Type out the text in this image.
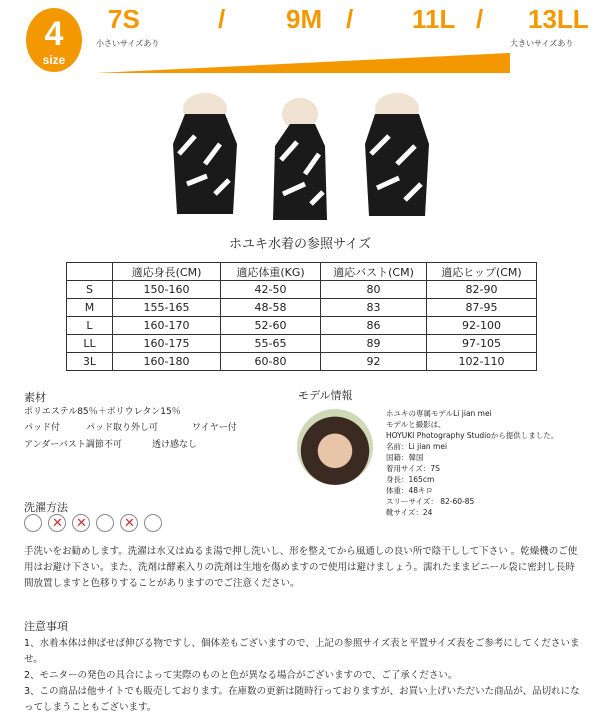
4
size
7S	/ 9M / 11L / 13LL
小さいサイズあり	大きいサイズあり
ホユキ水着の参照サイズ
	適応身長(CM)	適応体重(KG)	適応バスト(CM)	適応ヒップ(CM)
S	150-160	42-50	80	82-90
M	155-165	48-58	83	87-95
L	160-170	52-60	86	92-100
LL	160-175	55-65	89	97-105
3L	160-180	60-80	92	102-110
素材
ポリエステル85％＋ポリウレタン15％
パッド付	パッド取り外し可	ワイヤー付
アンダーバスト調節不可	透け感なし
モデル情報
ホユキの専属モデルLi jian mei
モデルと撮影は、
HOYUKI Photography Studioから提供しました。
名前：Li jian mei
国籍：韓国
着用サイズ：7S
身長：165cm
体重：48キロ
スリーサイズ： 82-60-85
靴サイズ：24
洗濯方法
✕
✕
✕
手洗いをお勧めします。洗濯は水又はぬるま湯で押し洗いし、形を整えてから風通しの良い所で陰干しして下さい 。乾燥機のご使用はお避け下さい。また、洗剤は酵素入りの洗剤は生地を傷めますので使用は避けましょう。濡れたままビニール袋に密封し長時間放置しますと色移りすることがありますのでご注意ください。
注意事項
1、水着本体は伸ばせば伸びる物ですし、個体差もございますので、上記の参照サイズ表と平置サイズ表をご参考にしてくださいませ。
2、モニターの発色の具合によって実際のものと色が異なる場合がございますので、ご了承ください。
3、この商品は他サイトでも販売しております。在庫数の更新は随時行っておりますが、お買い上げいただいた商品が、品切れになってしまうこともございます。
